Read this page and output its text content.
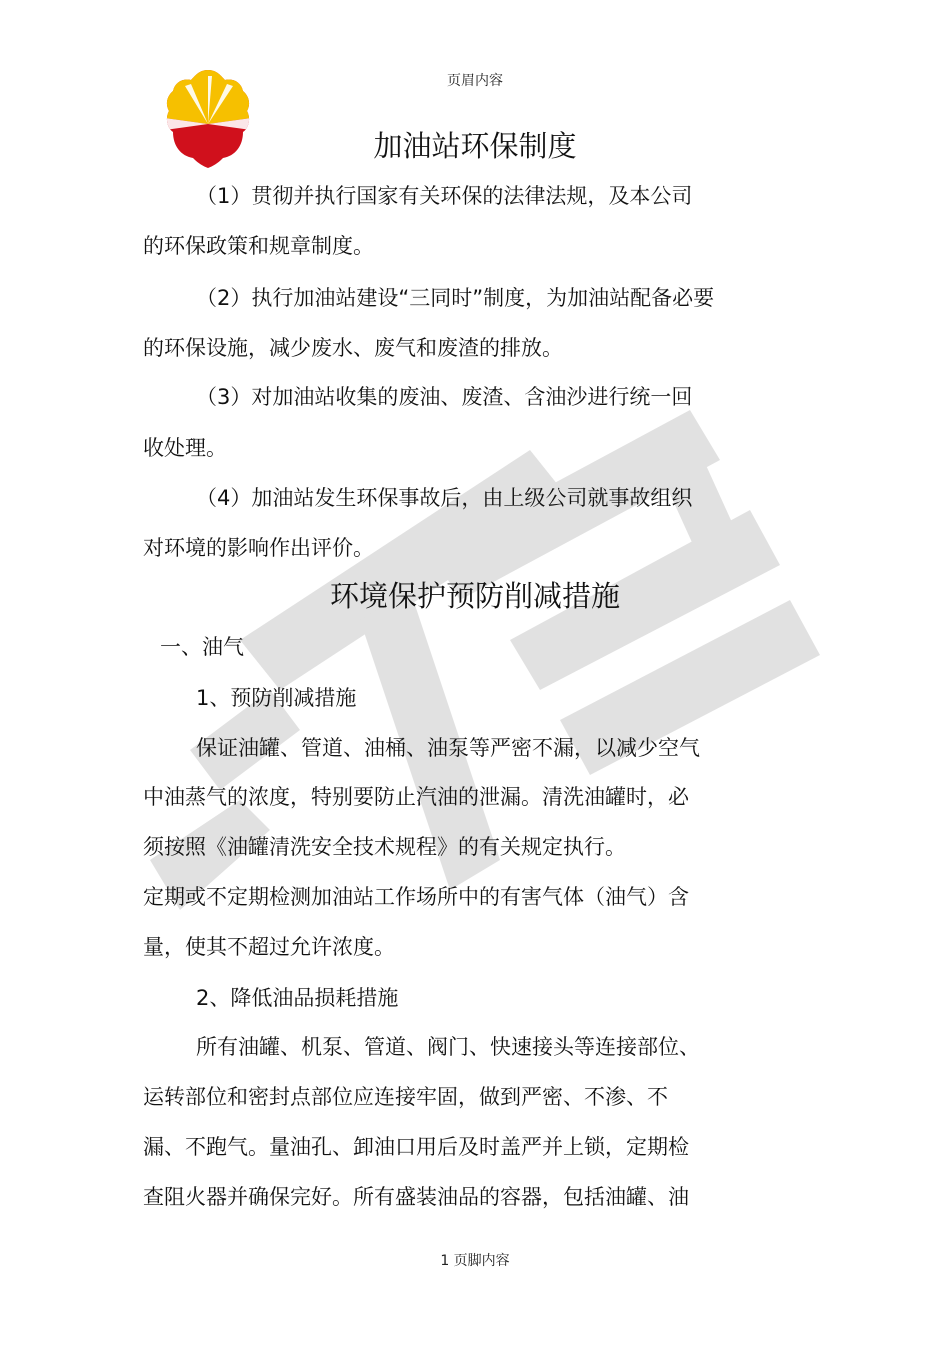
页眉内容
加油站环保制度
（1）贯彻并执行国家有关环保的法律法规，及本公司
的环保政策和规章制度。
（2）执行加油站建设“三同时”制度，为加油站配备必要
的环保设施，减少废水、废气和废渣的排放。
（3）对加油站收集的废油、废渣、含油沙进行统一回
收处理。
（4）加油站发生环保事故后，由上级公司就事故组织
对环境的影响作出评价。
环境保护预防削减措施
一、油气
1、预防削减措施
保证油罐、管道、油桶、油泵等严密不漏，以减少空气
中油蒸气的浓度，特别要防止汽油的泄漏。清洗油罐时，必
须按照《油罐清洗安全技术规程》的有关规定执行。
定期或不定期检测加油站工作场所中的有害气体（油气）含
量，使其不超过允许浓度。
2、降低油品损耗措施
所有油罐、机泵、管道、阀门、快速接头等连接部位、
运转部位和密封点部位应连接牢固，做到严密、不渗、不
漏、不跑气。量油孔、卸油口用后及时盖严并上锁，定期检
查阻火器并确保完好。所有盛装油品的容器，包括油罐、油
1 页脚内容
